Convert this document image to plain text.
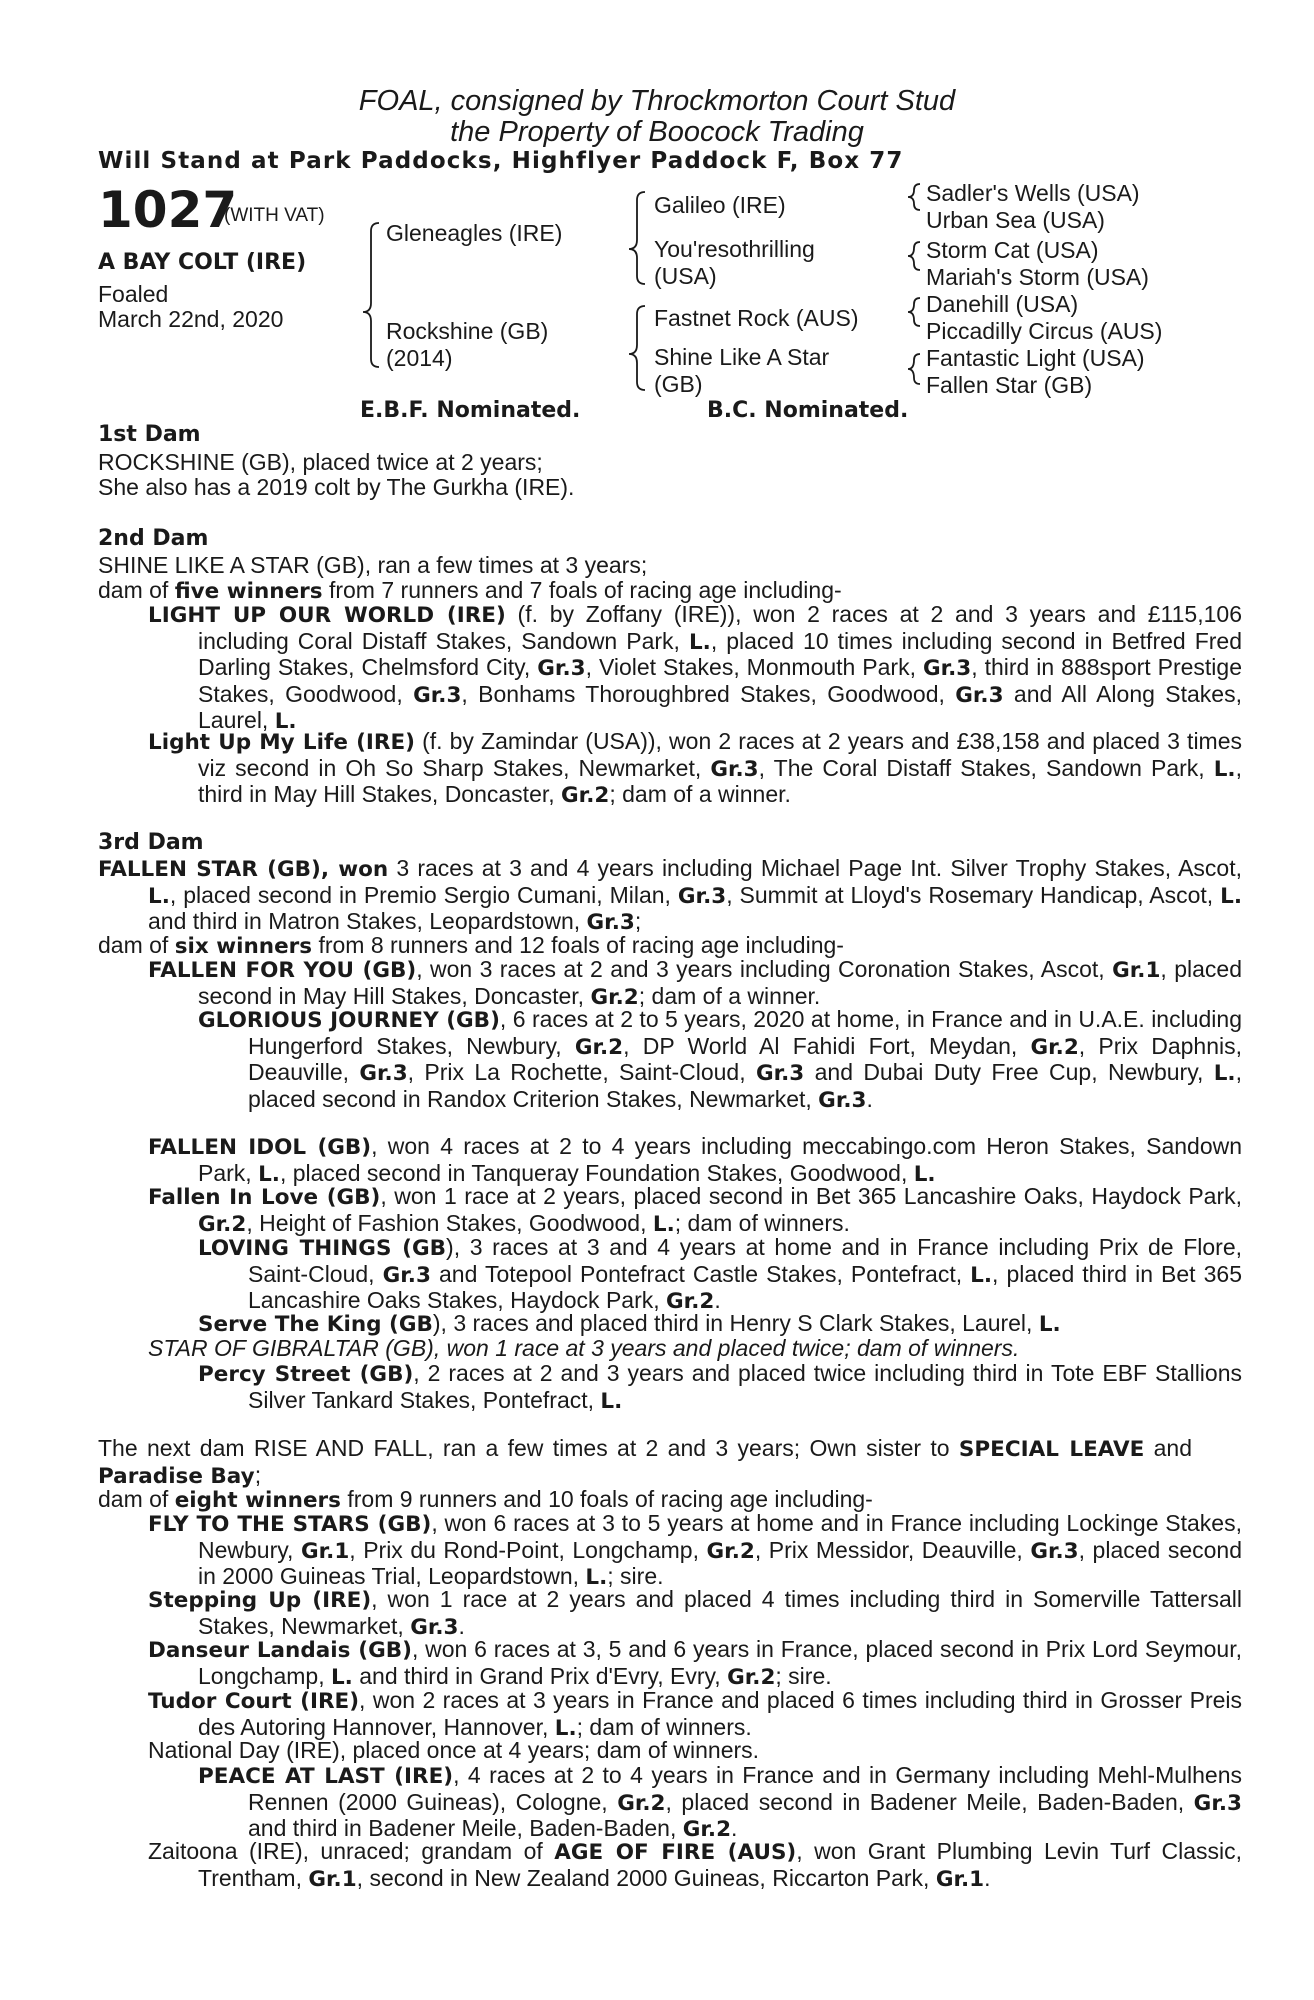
FOAL, consigned by Throckmorton Court Stud
the Property of Boocock Trading
Will Stand at Park Paddocks, Highflyer Paddock F, Box 77
1027
(WITH VAT)
A BAY COLT (IRE)
Foaled
March 22nd, 2020
Gleneagles (IRE)
Rockshine (GB)
(2014)
Galileo (IRE)
You'resothrilling
(USA)
Fastnet Rock (AUS)
Shine Like A Star
(GB)
Sadler's Wells (USA)
Urban Sea (USA)
Storm Cat (USA)
Mariah's Storm (USA)
Danehill (USA)
Piccadilly Circus (AUS)
Fantastic Light (USA)
Fallen Star (GB)
E.B.F. Nominated.	B.C. Nominated.
1st Dam
ROCKSHINE (GB), placed twice at 2 years;
She also has a 2019 colt by The Gurkha (IRE).
2nd Dam
SHINE LIKE A STAR (GB), ran a few times at 3 years;
dam of five winners from 7 runners and 7 foals of racing age including-
LIGHT UP OUR WORLD (IRE) (f. by Zoffany (IRE)), won 2 races at 2 and 3 years and £115,106 including Coral Distaff Stakes, Sandown Park, L., placed 10 times including second in Betfred Fred Darling Stakes, Chelmsford City, Gr.3, Violet Stakes, Monmouth Park, Gr.3, third in 888sport Prestige Stakes, Goodwood, Gr.3, Bonhams Thoroughbred Stakes, Goodwood, Gr.3 and All Along Stakes, Laurel, L.
Light Up My Life (IRE) (f. by Zamindar (USA)), won 2 races at 2 years and £38,158 and placed 3 times viz second in Oh So Sharp Stakes, Newmarket, Gr.3, The Coral Distaff Stakes, Sandown Park, L., third in May Hill Stakes, Doncaster, Gr.2; dam of a winner.
3rd Dam
FALLEN STAR (GB), won 3 races at 3 and 4 years including Michael Page Int. Silver Trophy Stakes, Ascot, L., placed second in Premio Sergio Cumani, Milan, Gr.3, Summit at Lloyd's Rosemary Handicap, Ascot, L. and third in Matron Stakes, Leopardstown, Gr.3;
dam of six winners from 8 runners and 12 foals of racing age including-
FALLEN FOR YOU (GB), won 3 races at 2 and 3 years including Coronation Stakes, Ascot, Gr.1, placed second in May Hill Stakes, Doncaster, Gr.2; dam of a winner.
GLORIOUS JOURNEY (GB), 6 races at 2 to 5 years, 2020 at home, in France and in U.A.E. including Hungerford Stakes, Newbury, Gr.2, DP World Al Fahidi Fort, Meydan, Gr.2, Prix Daphnis, Deauville, Gr.3, Prix La Rochette, Saint-Cloud, Gr.3 and Dubai Duty Free Cup, Newbury, L., placed second in Randox Criterion Stakes, Newmarket, Gr.3.
FALLEN IDOL (GB), won 4 races at 2 to 4 years including meccabingo.com Heron Stakes, Sandown Park, L., placed second in Tanqueray Foundation Stakes, Goodwood, L.
Fallen In Love (GB), won 1 race at 2 years, placed second in Bet 365 Lancashire Oaks, Haydock Park, Gr.2, Height of Fashion Stakes, Goodwood, L.; dam of winners.
LOVING THINGS (GB), 3 races at 3 and 4 years at home and in France including Prix de Flore, Saint-Cloud, Gr.3 and Totepool Pontefract Castle Stakes, Pontefract, L., placed third in Bet 365 Lancashire Oaks Stakes, Haydock Park, Gr.2.
Serve The King (GB), 3 races and placed third in Henry S Clark Stakes, Laurel, L.
STAR OF GIBRALTAR (GB), won 1 race at 3 years and placed twice; dam of winners.
Percy Street (GB), 2 races at 2 and 3 years and placed twice including third in Tote EBF Stallions Silver Tankard Stakes, Pontefract, L.
The next dam RISE AND FALL, ran a few times at 2 and 3 years; Own sister to SPECIAL LEAVE and Paradise Bay;
dam of eight winners from 9 runners and 10 foals of racing age including-
FLY TO THE STARS (GB), won 6 races at 3 to 5 years at home and in France including Lockinge Stakes, Newbury, Gr.1, Prix du Rond-Point, Longchamp, Gr.2, Prix Messidor, Deauville, Gr.3, placed second in 2000 Guineas Trial, Leopardstown, L.; sire.
Stepping Up (IRE), won 1 race at 2 years and placed 4 times including third in Somerville Tattersall Stakes, Newmarket, Gr.3.
Danseur Landais (GB), won 6 races at 3, 5 and 6 years in France, placed second in Prix Lord Seymour, Longchamp, L. and third in Grand Prix d'Evry, Evry, Gr.2; sire.
Tudor Court (IRE), won 2 races at 3 years in France and placed 6 times including third in Grosser Preis des Autoring Hannover, Hannover, L.; dam of winners.
National Day (IRE), placed once at 4 years; dam of winners.
PEACE AT LAST (IRE), 4 races at 2 to 4 years in France and in Germany including Mehl-Mulhens Rennen (2000 Guineas), Cologne, Gr.2, placed second in Badener Meile, Baden-Baden, Gr.3 and third in Badener Meile, Baden-Baden, Gr.2.
Zaitoona (IRE), unraced; grandam of AGE OF FIRE (AUS), won Grant Plumbing Levin Turf Classic, Trentham, Gr.1, second in New Zealand 2000 Guineas, Riccarton Park, Gr.1.
